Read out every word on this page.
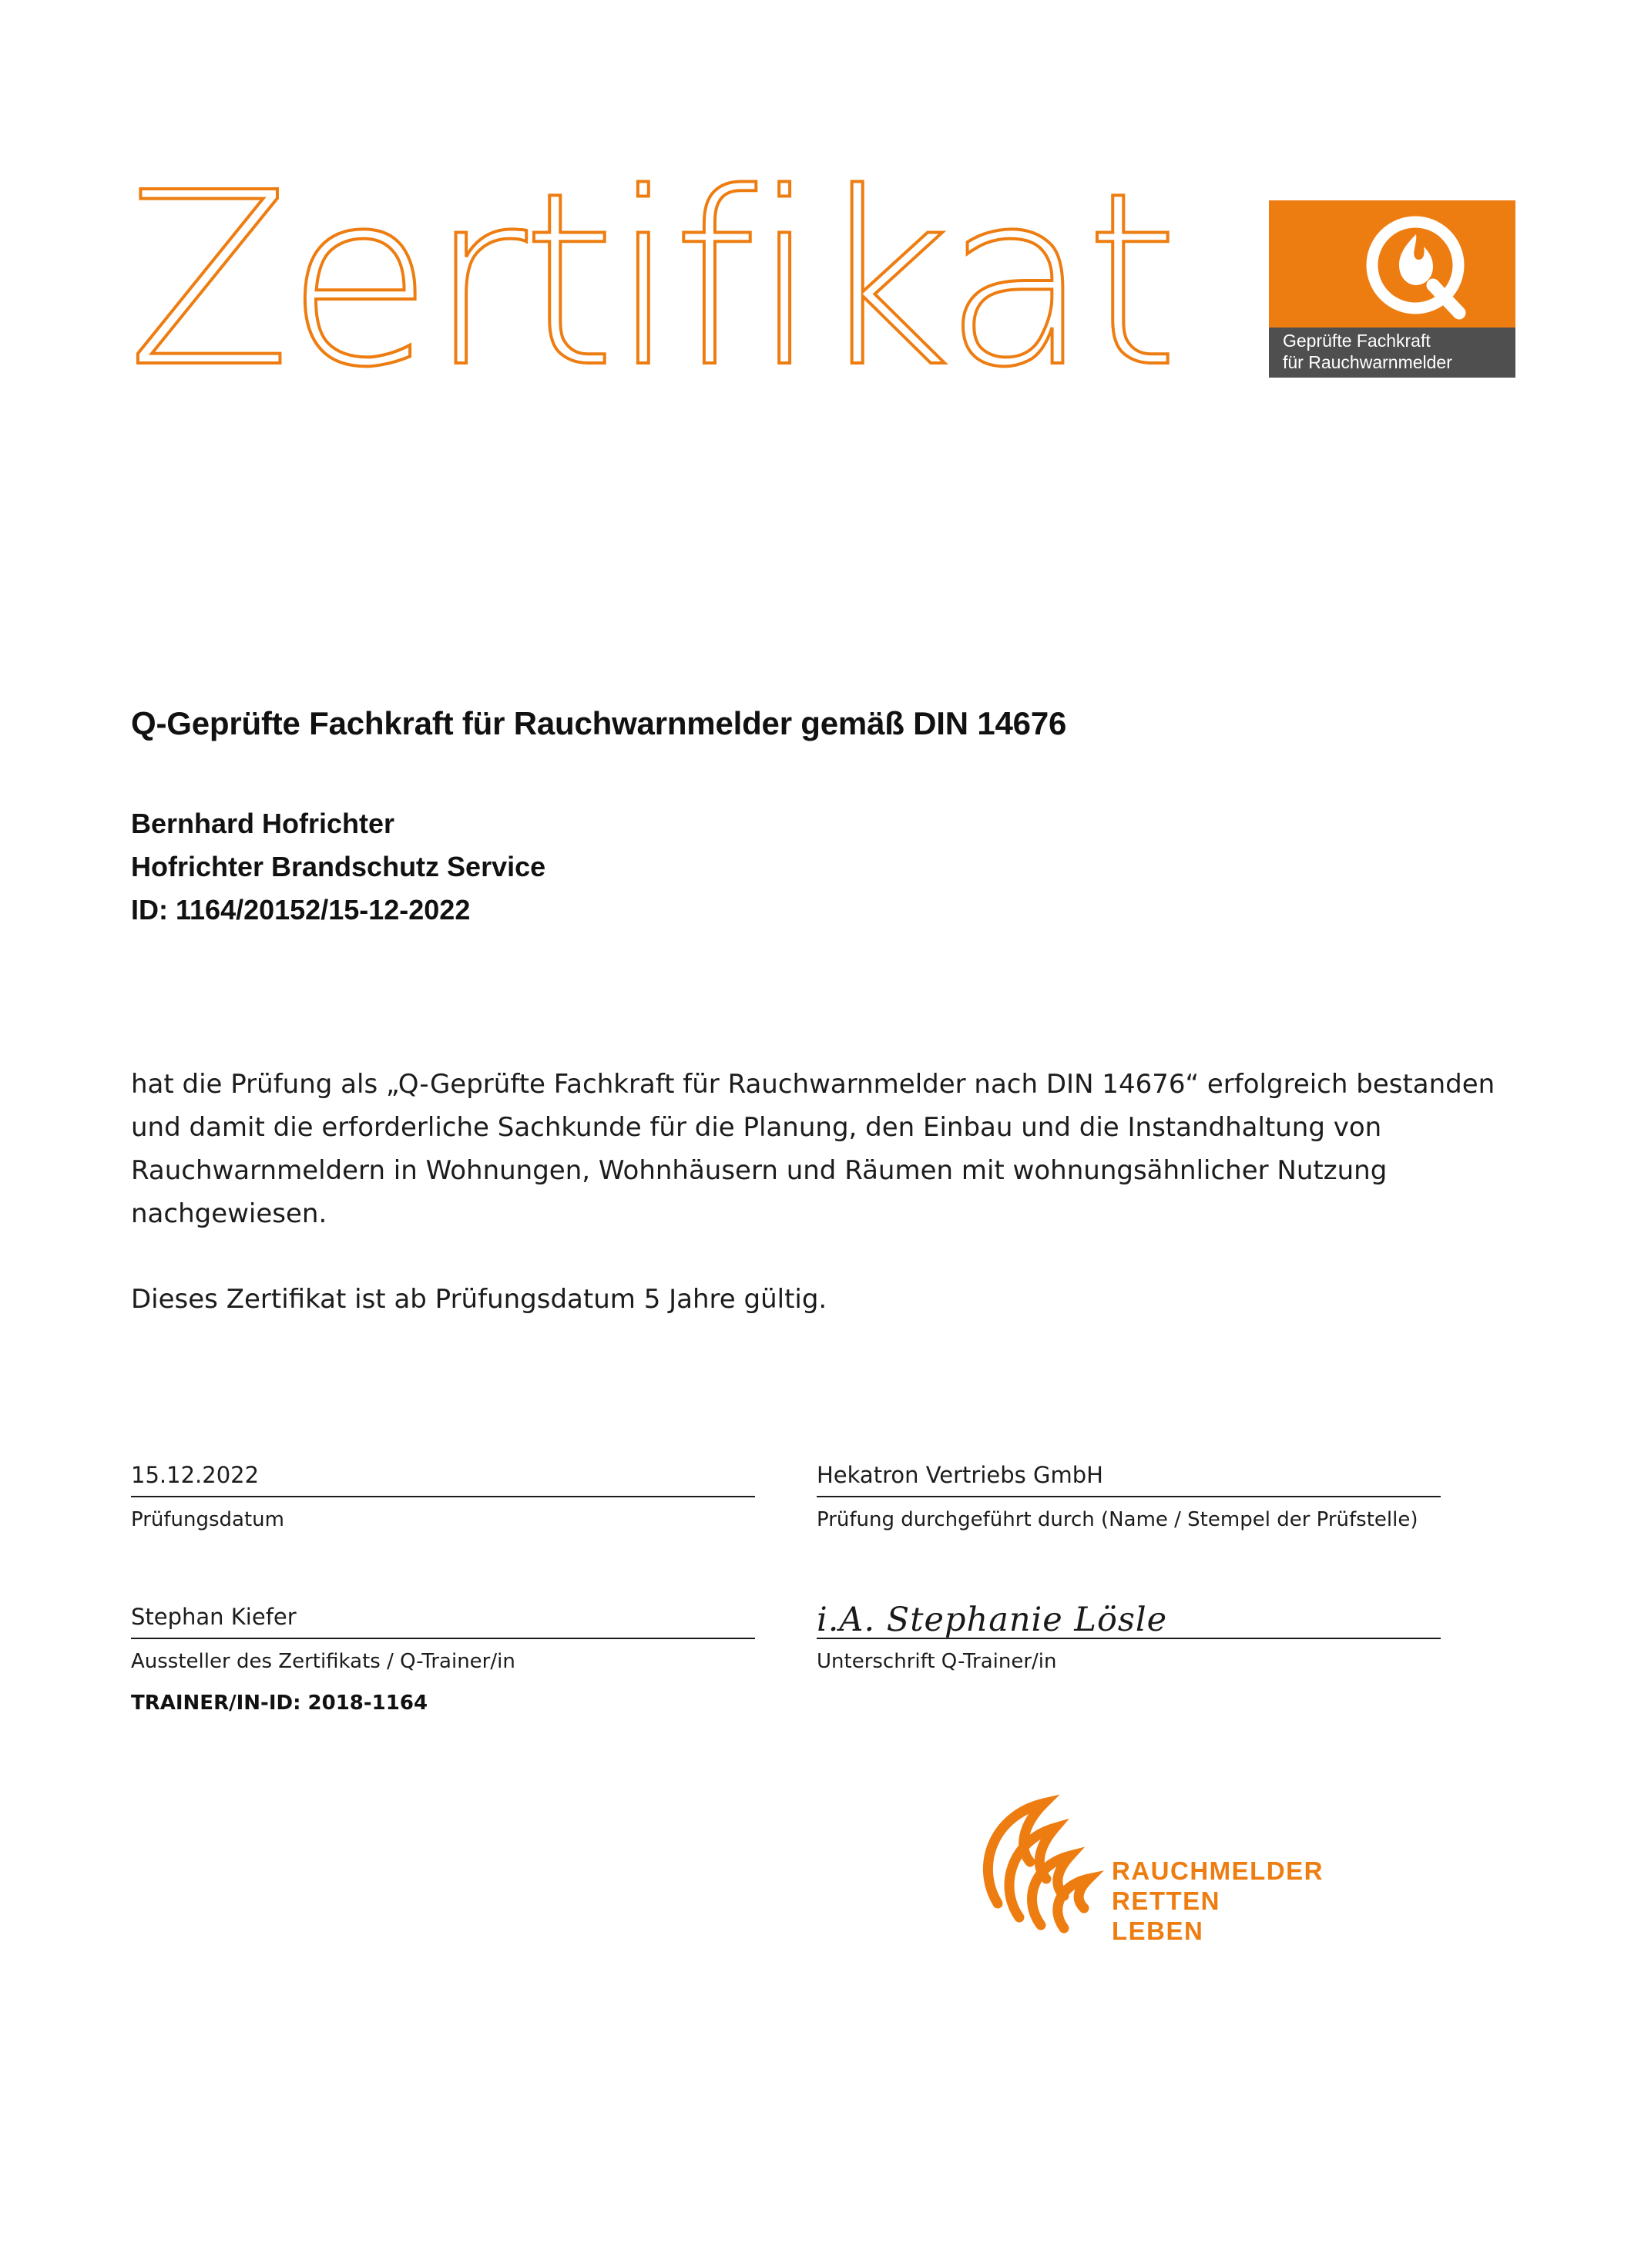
Zertifikat	Geprüfte Fachkraft
für Rauchwarnmelder
Q-Geprüfte Fachkraft für Rauchwarnmelder gemäß DIN 14676
Bernhard Hofrichter
Hofrichter Brandschutz Service
ID: 1164/20152/15-12-2022
hat die Prüfung als „Q-Geprüfte Fachkraft für Rauchwarnmelder nach DIN 14676“ erfolgreich bestanden und damit die erforderliche Sachkunde für die Planung, den Einbau und die Instandhaltung von Rauchwarnmeldern in Wohnungen, Wohnhäusern und Räumen mit wohnungsähnlicher Nutzung nachgewiesen.
Dieses Zertifikat ist ab Prüfungsdatum 5 Jahre gültig.
15.12.2022
Prüfungsdatum
Hekatron Vertriebs GmbH
Prüfung durchgeführt durch (Name / Stempel der Prüfstelle)
Stephan Kiefer
Aussteller des Zertifikats / Q-Trainer/in
TRAINER/IN-ID: 2018-1164
i.A. Stephanie Lösle
Unterschrift Q-Trainer/in
RAUCHMELDER
RETTEN
LEBEN
